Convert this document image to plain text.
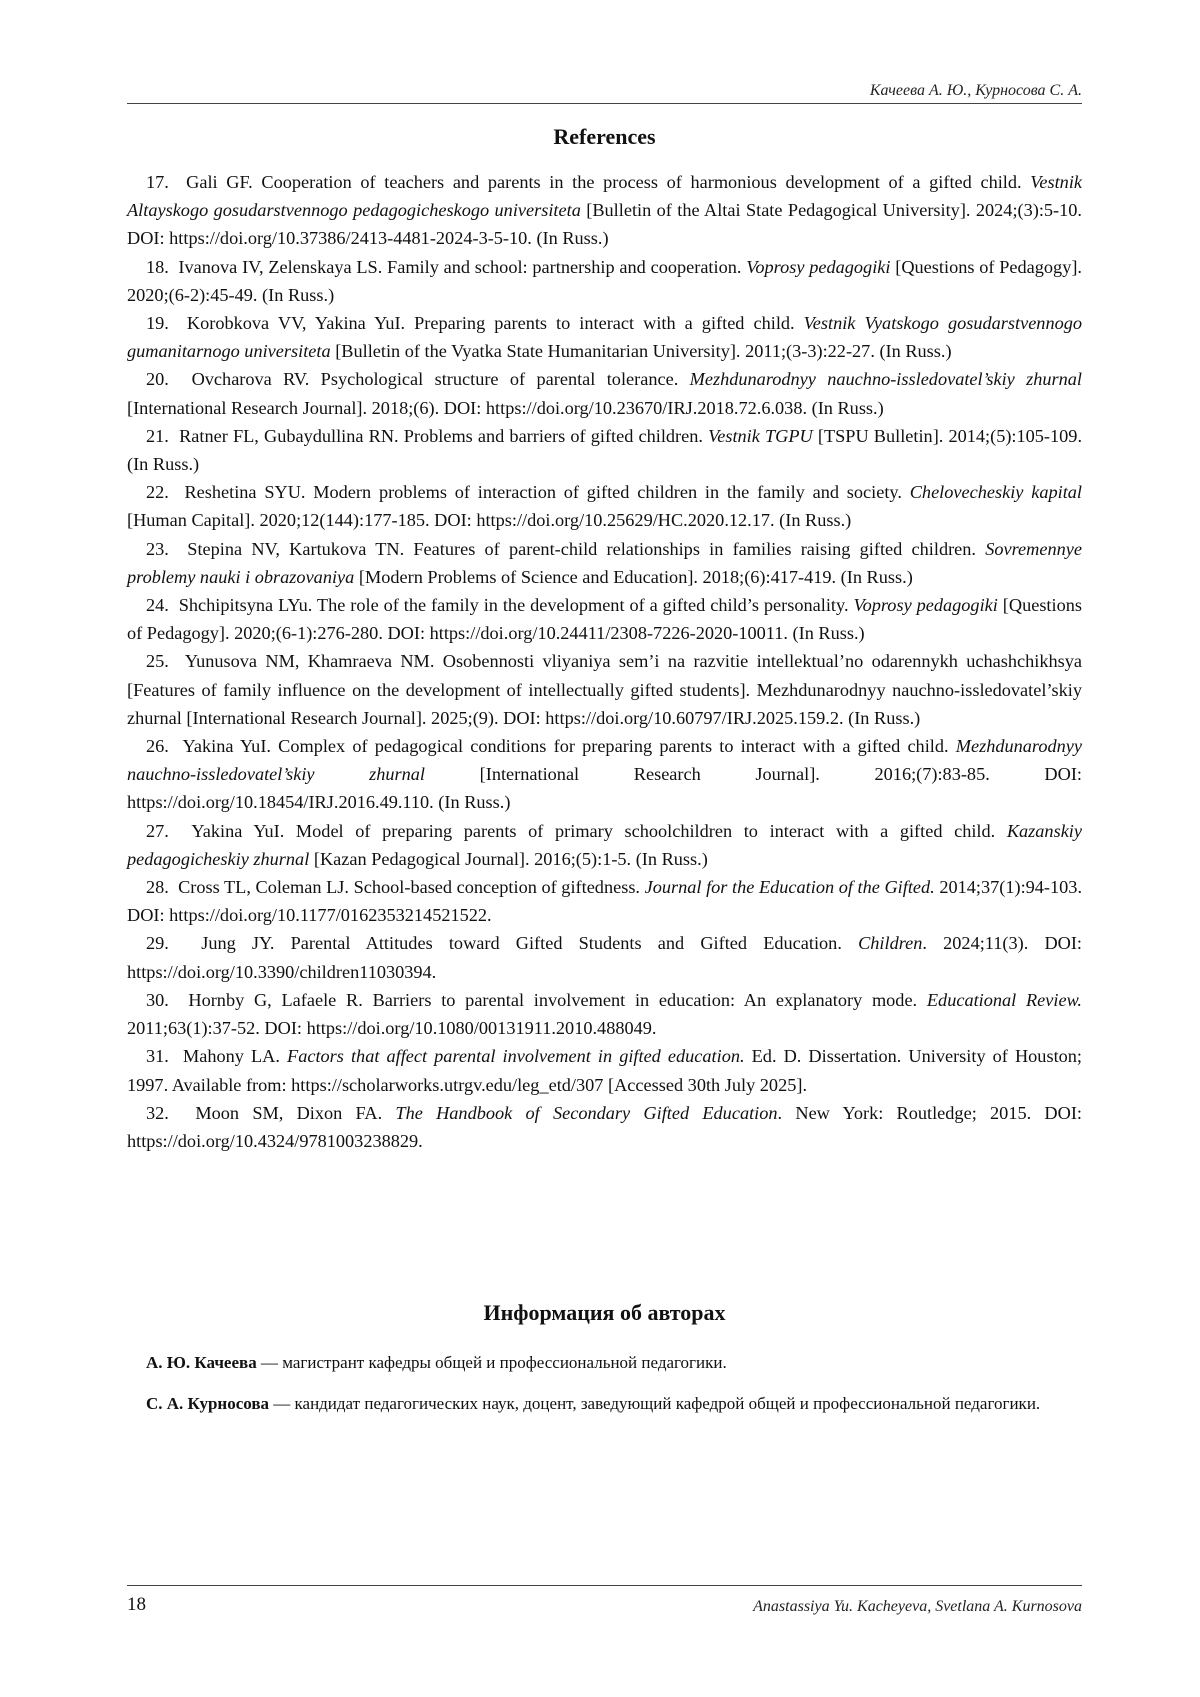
Качеева А. Ю., Курносова С. А.
References

17. Gali GF. Cooperation of teachers and parents in the process of harmonious development of a gifted child. Vestnik Altayskogo gosudarstvennogo pedagogicheskogo universiteta [Bulletin of the Altai State Pedagogical University]. 2024;(3):5-10. DOI: https://doi.org/10.37386/2413-4481-2024-3-5-10. (In Russ.)

18. Ivanova IV, Zelenskaya LS. Family and school: partnership and cooperation. Voprosy pedagogiki [Questions of Pedagogy]. 2020;(6-2):45-49. (In Russ.)

19. Korobkova VV, Yakina YuI. Preparing parents to interact with a gifted child. Vestnik Vyatskogo gosudarstvennogo gumanitarnogo universiteta [Bulletin of the Vyatka State Humanitarian University]. 2011;(3-3):22-27. (In Russ.)

20. Ovcharova RV. Psychological structure of parental tolerance. Mezhdunarodnyy nauchno-issledovatel’skiy zhurnal [International Research Journal]. 2018;(6). DOI: https://doi.org/10.23670/IRJ.2018.72.6.038. (In Russ.)

21. Ratner FL, Gubaydullina RN. Problems and barriers of gifted children. Vestnik TGPU [TSPU Bulletin]. 2014;(5):105-109. (In Russ.)

22. Reshetina SYU. Modern problems of interaction of gifted children in the family and society. Chelovecheskiy kapital [Human Capital]. 2020;12(144):177-185. DOI: https://doi.org/10.25629/HC.2020.12.17. (In Russ.)

23. Stepina NV, Kartukova TN. Features of parent-child relationships in families raising gifted children. Sovremennye problemy nauki i obrazovaniya [Modern Problems of Science and Education]. 2018;(6):417-419. (In Russ.)

24. Shchipitsyna LYu. The role of the family in the development of a gifted child’s personality. Voprosy pedagogiki [Questions of Pedagogy]. 2020;(6-1):276-280. DOI: https://doi.org/10.24411/2308-7226-2020-10011. (In Russ.)

25. Yunusova NM, Khamraeva NM. Osobennosti vliyaniya sem’i na razvitie intellektual’no odarennykh uchashchikhsya [Features of family influence on the development of intellectually gifted students]. Mezhdunarodnyy nauchno-issledovatel’skiy zhurnal [International Research Journal]. 2025;(9). DOI: https://doi.org/10.60797/IRJ.2025.159.2. (In Russ.)

26. Yakina YuI. Complex of pedagogical conditions for preparing parents to interact with a gifted child. Mezhdunarodnyy nauchno-issledovatel’skiy zhurnal [International Research Journal]. 2016;(7):83-85. DOI: https://doi.org/10.18454/IRJ.2016.49.110. (In Russ.)

27. Yakina YuI. Model of preparing parents of primary schoolchildren to interact with a gifted child. Kazanskiy pedagogicheskiy zhurnal [Kazan Pedagogical Journal]. 2016;(5):1-5. (In Russ.)

28. Cross TL, Coleman LJ. School-based conception of giftedness. Journal for the Education of the Gifted. 2014;37(1):94-103. DOI: https://doi.org/10.1177/0162353214521522.

29. Jung JY. Parental Attitudes toward Gifted Students and Gifted Education. Children. 2024;11(3). DOI: https://doi.org/10.3390/children11030394.

30. Hornby G, Lafaele R. Barriers to parental involvement in education: An explanatory mode. Educational Review. 2011;63(1):37-52. DOI: https://doi.org/10.1080/00131911.2010.488049.

31. Mahony LA. Factors that affect parental involvement in gifted education. Ed. D. Dissertation. University of Houston; 1997. Available from: https://scholarworks.utrgv.edu/leg_etd/307 [Accessed 30th July 2025].

32. Moon SM, Dixon FA. The Handbook of Secondary Gifted Education. New York: Routledge; 2015. DOI: https://doi.org/10.4324/9781003238829.

Информация об авторах

А. Ю. Качеева — магистрант кафедры общей и профессиональной педагогики.

С. А. Курносова — кандидат педагогических наук, доцент, заведующий кафедрой общей и профессиональной педагогики.

18	Anastassiya Yu. Kacheyeva, Svetlana A. Kurnosova
